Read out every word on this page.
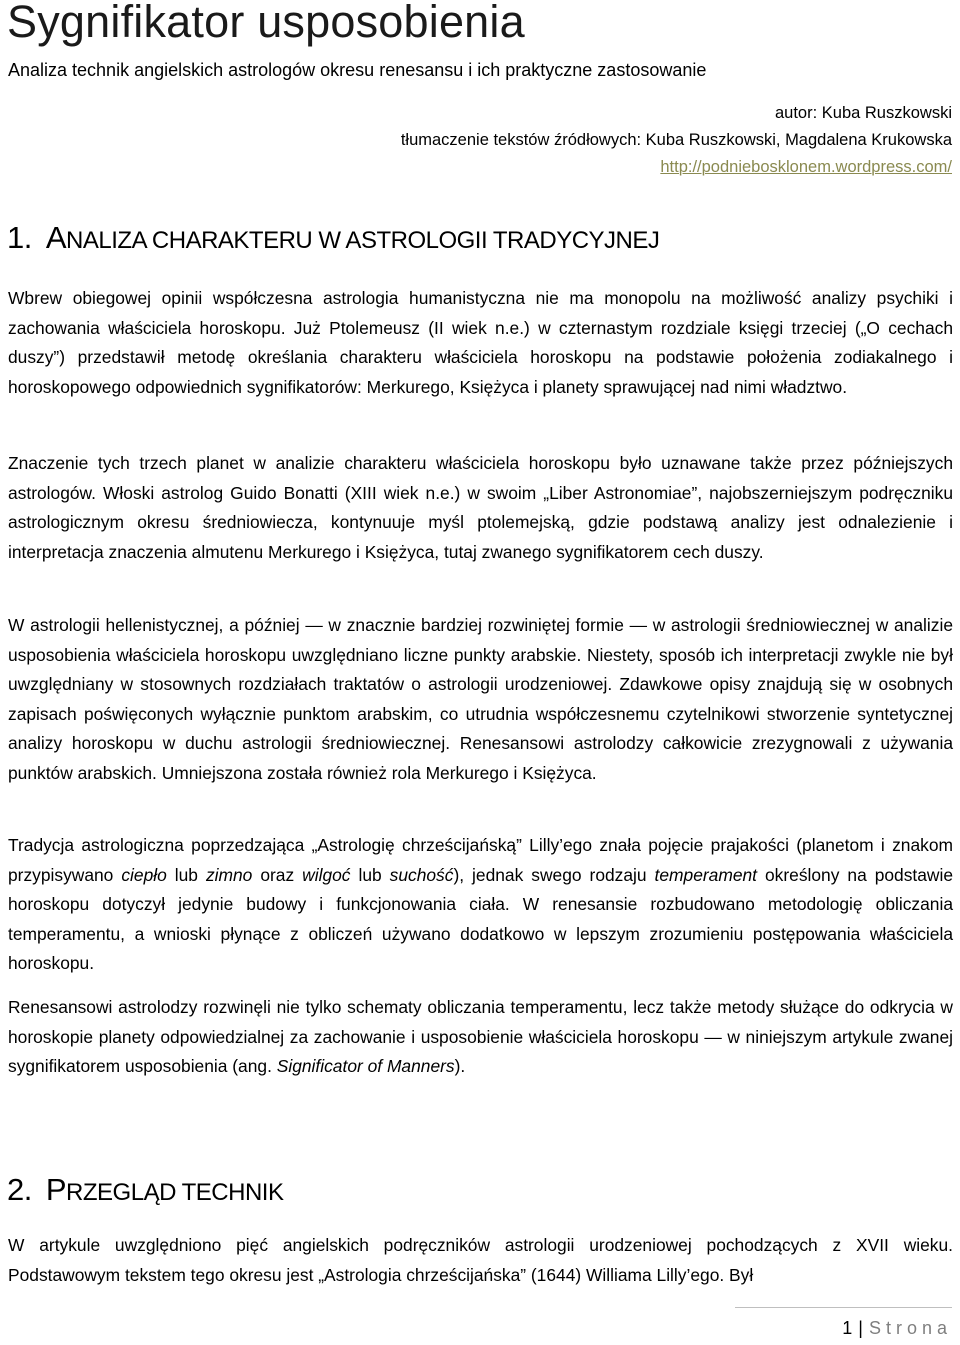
Sygnifikator usposobienia
Analiza technik angielskich astrologów okresu renesansu i ich praktyczne zastosowanie
autor: Kuba Ruszkowski
tłumaczenie tekstów źródłowych: Kuba Ruszkowski, Magdalena Krukowska
http://podniebosklonem.wordpress.com/
1. ANALIZA CHARAKTERU W ASTROLOGII TRADYCYJNEJ

Wbrew obiegowej opinii współczesna astrologia humanistyczna nie ma monopolu na możliwość analizy psychiki i zachowania właściciela horoskopu. Już Ptolemeusz (II wiek n.e.) w czternastym rozdziale księgi trzeciej („O cechach duszy”) przedstawił metodę określania charakteru właściciela horoskopu na podstawie położenia zodiakalnego i horoskopowego odpowiednich sygnifikatorów: Merkurego, Księżyca i planety sprawującej nad nimi władztwo.

Znaczenie tych trzech planet w analizie charakteru właściciela horoskopu było uznawane także przez późniejszych astrologów. Włoski astrolog Guido Bonatti (XIII wiek n.e.) w swoim „Liber Astronomiae”, najobszerniejszym podręczniku astrologicznym okresu średniowiecza, kontynuuje myśl ptolemejską, gdzie podstawą analizy jest odnalezienie i interpretacja znaczenia almutenu Merkurego i Księżyca, tutaj zwanego sygnifikatorem cech duszy.

W astrologii hellenistycznej, a później — w znacznie bardziej rozwiniętej formie — w astrologii średniowiecznej w analizie usposobienia właściciela horoskopu uwzględniano liczne punkty arabskie. Niestety, sposób ich interpretacji zwykle nie był uwzględniany w stosownych rozdziałach traktatów o astrologii urodzeniowej. Zdawkowe opisy znajdują się w osobnych zapisach poświęconych wyłącznie punktom arabskim, co utrudnia współczesnemu czytelnikowi stworzenie syntetycznej analizy horoskopu w duchu astrologii średniowiecznej. Renesansowi astrolodzy całkowicie zrezygnowali z używania punktów arabskich. Umniejszona została również rola Merkurego i Księżyca.

Tradycja astrologiczna poprzedzająca „Astrologię chrześcijańską” Lilly’ego znała pojęcie prajakości (planetom i znakom przypisywano ciepło lub zimno oraz wilgoć lub suchość), jednak swego rodzaju temperament określony na podstawie horoskopu dotyczył jedynie budowy i funkcjonowania ciała. W renesansie rozbudowano metodologię obliczania temperamentu, a wnioski płynące z obliczeń używano dodatkowo w lepszym zrozumieniu postępowania właściciela horoskopu.

Renesansowi astrolodzy rozwinęli nie tylko schematy obliczania temperamentu, lecz także metody służące do odkrycia w horoskopie planety odpowiedzialnej za zachowanie i usposobienie właściciela horoskopu — w niniejszym artykule zwanej sygnifikatorem usposobienia (ang. Significator of Manners).

2. PRZEGLĄD TECHNIK

W artykule uwzględniono pięć angielskich podręczników astrologii urodzeniowej pochodzących z XVII wieku. Podstawowym tekstem tego okresu jest „Astrologia chrześcijańska” (1644) Williama Lilly’ego. Był

1 | Strona
